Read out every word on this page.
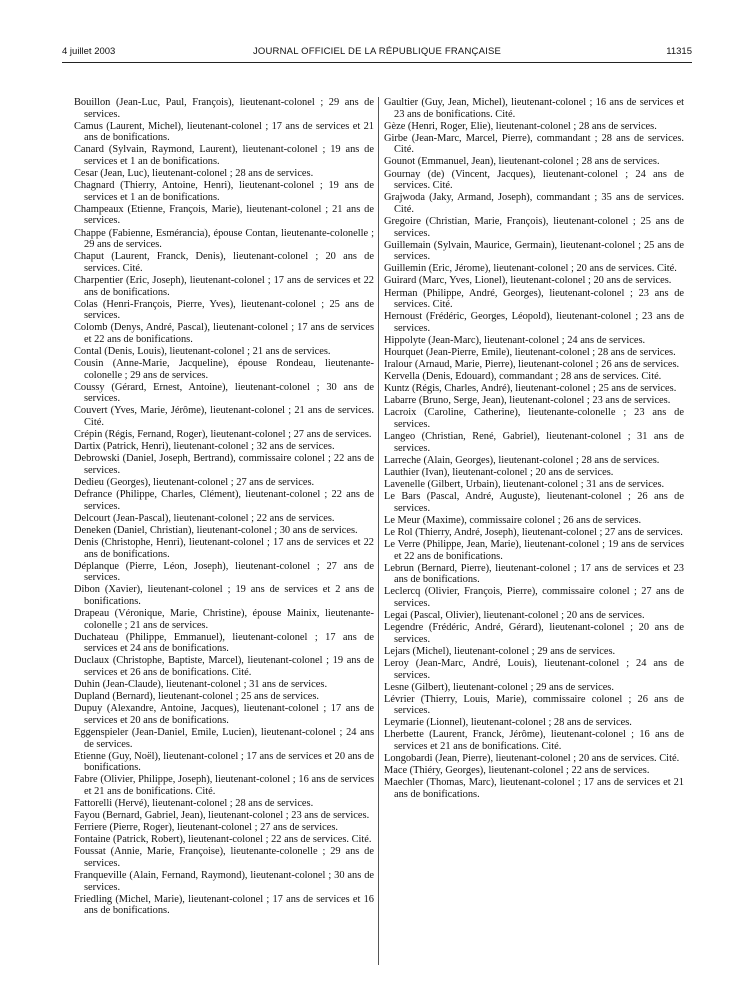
4 juillet 2003	JOURNAL OFFICIEL DE LA RÉPUBLIQUE FRANÇAISE	11315

Bouillon (Jean-Luc, Paul, François), lieutenant-colonel ; 29 ans de services.

Camus (Laurent, Michel), lieutenant-colonel ; 17 ans de services et 21 ans de bonifications.

Canard (Sylvain, Raymond, Laurent), lieutenant-colonel ; 19 ans de services et 1 an de bonifications.

Cesar (Jean, Luc), lieutenant-colonel ; 28 ans de services.

Chagnard (Thierry, Antoine, Henri), lieutenant-colonel ; 19 ans de services et 1 an de bonifications.

Champeaux (Etienne, François, Marie), lieutenant-colonel ; 21 ans de services.

Chappe (Fabienne, Esmérancia), épouse Contan, lieutenante-colonelle ; 29 ans de services.

Chaput (Laurent, Franck, Denis), lieutenant-colonel ; 20 ans de services. Cité.

Charpentier (Eric, Joseph), lieutenant-colonel ; 17 ans de services et 22 ans de bonifications.

Colas (Henri-François, Pierre, Yves), lieutenant-colonel ; 25 ans de services.

Colomb (Denys, André, Pascal), lieutenant-colonel ; 17 ans de services et 22 ans de bonifications.

Contal (Denis, Louis), lieutenant-colonel ; 21 ans de services.

Cousin (Anne-Marie, Jacqueline), épouse Rondeau, lieutenante-colonelle ; 29 ans de services.

Coussy (Gérard, Ernest, Antoine), lieutenant-colonel ; 30 ans de services.

Couvert (Yves, Marie, Jérôme), lieutenant-colonel ; 21 ans de services. Cité.

Crépin (Régis, Fernand, Roger), lieutenant-colonel ; 27 ans de services.

Dartix (Patrick, Henri), lieutenant-colonel ; 32 ans de services.

Debrowski (Daniel, Joseph, Bertrand), commissaire colonel ; 22 ans de services.

Dedieu (Georges), lieutenant-colonel ; 27 ans de services.

Defrance (Philippe, Charles, Clément), lieutenant-colonel ; 22 ans de services.

Delcourt (Jean-Pascal), lieutenant-colonel ; 22 ans de services.

Deneken (Daniel, Christian), lieutenant-colonel ; 30 ans de services.

Denis (Christophe, Henri), lieutenant-colonel ; 17 ans de services et 22 ans de bonifications.

Déplanque (Pierre, Léon, Joseph), lieutenant-colonel ; 27 ans de services.

Dibon (Xavier), lieutenant-colonel ; 19 ans de services et 2 ans de bonifications.

Drapeau (Véronique, Marie, Christine), épouse Mainix, lieutenante-colonelle ; 21 ans de services.

Duchateau (Philippe, Emmanuel), lieutenant-colonel ; 17 ans de services et 24 ans de bonifications.

Duclaux (Christophe, Baptiste, Marcel), lieutenant-colonel ; 19 ans de services et 26 ans de bonifications. Cité.

Duhin (Jean-Claude), lieutenant-colonel ; 31 ans de services.

Dupland (Bernard), lieutenant-colonel ; 25 ans de services.

Dupuy (Alexandre, Antoine, Jacques), lieutenant-colonel ; 17 ans de services et 20 ans de bonifications.

Eggenspieler (Jean-Daniel, Emile, Lucien), lieutenant-colonel ; 24 ans de services.

Etienne (Guy, Noël), lieutenant-colonel ; 17 ans de services et 20 ans de bonifications.

Fabre (Olivier, Philippe, Joseph), lieutenant-colonel ; 16 ans de services et 21 ans de bonifications. Cité.

Fattorelli (Hervé), lieutenant-colonel ; 28 ans de services.

Fayou (Bernard, Gabriel, Jean), lieutenant-colonel ; 23 ans de services.

Ferriere (Pierre, Roger), lieutenant-colonel ; 27 ans de services.

Fontaine (Patrick, Robert), lieutenant-colonel ; 22 ans de services. Cité.

Foussat (Annie, Marie, Françoise), lieutenante-colonelle ; 29 ans de services.

Franqueville (Alain, Fernand, Raymond), lieutenant-colonel ; 30 ans de services.

Friedling (Michel, Marie), lieutenant-colonel ; 17 ans de services et 16 ans de bonifications.

Gaultier (Guy, Jean, Michel), lieutenant-colonel ; 16 ans de services et 23 ans de bonifications. Cité.

Gèze (Henri, Roger, Elie), lieutenant-colonel ; 28 ans de services.

Girbe (Jean-Marc, Marcel, Pierre), commandant ; 28 ans de services. Cité.

Gounot (Emmanuel, Jean), lieutenant-colonel ; 28 ans de services.

Gournay (de) (Vincent, Jacques), lieutenant-colonel ; 24 ans de services. Cité.

Grajwoda (Jaky, Armand, Joseph), commandant ; 35 ans de services. Cité.

Gregoire (Christian, Marie, François), lieutenant-colonel ; 25 ans de services.

Guillemain (Sylvain, Maurice, Germain), lieutenant-colonel ; 25 ans de services.

Guillemin (Eric, Jérome), lieutenant-colonel ; 20 ans de services. Cité.

Guirard (Marc, Yves, Lionel), lieutenant-colonel ; 20 ans de services.

Herman (Philippe, André, Georges), lieutenant-colonel ; 23 ans de services. Cité.

Hernoust (Frédéric, Georges, Léopold), lieutenant-colonel ; 23 ans de services.

Hippolyte (Jean-Marc), lieutenant-colonel ; 24 ans de services.

Hourquet (Jean-Pierre, Emile), lieutenant-colonel ; 28 ans de services.

Iralour (Arnaud, Marie, Pierre), lieutenant-colonel ; 26 ans de services.

Kervella (Denis, Edouard), commandant ; 28 ans de services. Cité.

Kuntz (Régis, Charles, André), lieutenant-colonel ; 25 ans de services.

Labarre (Bruno, Serge, Jean), lieutenant-colonel ; 23 ans de services.

Lacroix (Caroline, Catherine), lieutenante-colonelle ; 23 ans de services.

Langeo (Christian, René, Gabriel), lieutenant-colonel ; 31 ans de services.

Larreche (Alain, Georges), lieutenant-colonel ; 28 ans de services.

Lauthier (Ivan), lieutenant-colonel ; 20 ans de services.

Lavenelle (Gilbert, Urbain), lieutenant-colonel ; 31 ans de services.

Le Bars (Pascal, André, Auguste), lieutenant-colonel ; 26 ans de services.

Le Meur (Maxime), commissaire colonel ; 26 ans de services.

Le Rol (Thierry, André, Joseph), lieutenant-colonel ; 27 ans de services.

Le Verre (Philippe, Jean, Marie), lieutenant-colonel ; 19 ans de services et 22 ans de bonifications.

Lebrun (Bernard, Pierre), lieutenant-colonel ; 17 ans de services et 23 ans de bonifications.

Leclercq (Olivier, François, Pierre), commissaire colonel ; 27 ans de services.

Legai (Pascal, Olivier), lieutenant-colonel ; 20 ans de services.

Legendre (Frédéric, André, Gérard), lieutenant-colonel ; 20 ans de services.

Lejars (Michel), lieutenant-colonel ; 29 ans de services.

Leroy (Jean-Marc, André, Louis), lieutenant-colonel ; 24 ans de services.

Lesne (Gilbert), lieutenant-colonel ; 29 ans de services.

Lévrier (Thierry, Louis, Marie), commissaire colonel ; 26 ans de services.

Leymarie (Lionnel), lieutenant-colonel ; 28 ans de services.

Lherbette (Laurent, Franck, Jérôme), lieutenant-colonel ; 16 ans de services et 21 ans de bonifications. Cité.

Longobardi (Jean, Pierre), lieutenant-colonel ; 20 ans de services. Cité.

Mace (Thiéry, Georges), lieutenant-colonel ; 22 ans de services.

Maechler (Thomas, Marc), lieutenant-colonel ; 17 ans de services et 21 ans de bonifications.
